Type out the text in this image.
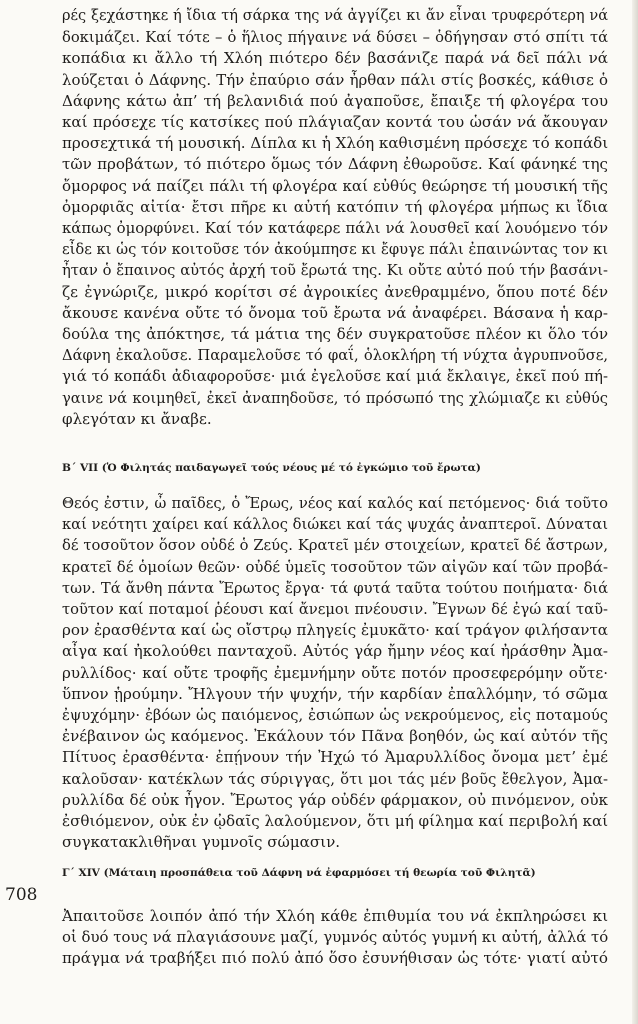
ρές ξεχάστηκε ή ἴδια τή σάρκα της νά ἀγγίζει κι ἄν εἶναι τρυφερότερη νά
δοκιμάζει. Καί τότε – ὁ ἥλιος πήγαινε νά δύσει – ὁδήγησαν στό σπίτι τά
κοπάδια κι ἄλλο τή Χλόη πιότερο δέν βασάνιζε παρά νά δεῖ πάλι νά
λούζεται ὁ Δάφνης. Τήν ἐπαύριο σάν ἦρθαν πάλι στίς βοσκές, κάθισε ὁ
Δάφνης κάτω ἀπ’ τή βελανιδιά πού ἀγαποῦσε, ἔπαιξε τή φλογέρα του
καί πρόσεχε τίς κατσίκες πού πλάγιαζαν κοντά του ὡσάν νά ἄκουγαν
προσεχτικά τή μουσική. Δίπλα κι ἡ Χλόη καθισμένη πρόσεχε τό κοπάδι
τῶν προβάτων, τό πιότερο ὅμως τόν Δάφνη ἐθωροῦσε. Καί φάνηκέ της
ὄμορφος νά παίζει πάλι τή φλογέρα καί εὐθύς θεώρησε τή μουσική τῆς
ὀμορφιᾶς αἰτία· ἔτσι πῆρε κι αὐτή κατόπιν τή φλογέρα μήπως κι ἴδια
κάπως ὀμορφύνει. Καί τόν κατάφερε πάλι νά λουσθεῖ καί λουόμενο τόν
εἶδε κι ὡς τόν κοιτοῦσε τόν ἀκούμπησε κι ἔφυγε πάλι ἐπαινώντας τον κι
ἦταν ὁ ἔπαινος αὐτός ἀρχή τοῦ ἔρωτά της. Κι οὔτε αὐτό πού τήν βασάνι-
ζε ἐγνώριζε, μικρό κορίτσι σέ ἀγροικίες ἀνεθραμμένο, ὅπου ποτέ δέν
ἄκουσε κανένα οὔτε τό ὄνομα τοῦ ἔρωτα νά ἀναφέρει. Βάσανα ἡ καρ-
δούλα της ἀπόκτησε, τά μάτια της δέν συγκρατοῦσε πλέον κι ὅλο τόν
Δάφνη ἐκαλοῦσε. Παραμελοῦσε τό φαΐ, ὁλοκλήρη τή νύχτα ἀγρυπνοῦσε,
γιά τό κοπάδι ἀδιαφοροῦσε· μιά ἐγελοῦσε καί μιά ἔκλαιγε, ἐκεῖ πού πή-
γαινε νά κοιμηθεῖ, ἐκεῖ ἀναπηδοῦσε, τό πρόσωπό της χλώμιαζε κι εὐθύς
φλεγόταν κι ἄναβε.
Β΄ VII (Ὁ Φιλητάς παιδαγωγεῖ τούς νέους μέ τό ἐγκώμιο τοῦ ἔρωτα)
Θεός ἐστιν, ὦ παῖδες, ὁ Ἔρως, νέος καί καλός καί πετόμενος· διά τοῦτο
καί νεότητι χαίρει καί κάλλος διώκει καί τάς ψυχάς ἀναπτεροῖ. Δύναται
δέ τοσοῦτον ὅσον οὐδέ ὁ Ζεύς. Κρατεῖ μέν στοιχείων, κρατεῖ δέ ἄστρων,
κρατεῖ δέ ὁμοίων θεῶν· οὐδέ ὑμεῖς τοσοῦτον τῶν αἰγῶν καί τῶν προβά-
των. Τά ἄνθη πάντα Ἔρωτος ἔργα· τά φυτά ταῦτα τούτου ποιήματα· διά
τοῦτον καί ποταμοί ῥέουσι καί ἄνεμοι πνέουσιν. Ἔγνων δέ ἐγώ καί ταῦ-
ρον ἐρασθέντα καί ὡς οἴστρῳ πληγείς ἐμυκᾶτο· καί τράγον φιλήσαντα
αἶγα καί ἠκολούθει πανταχοῦ. Αὐτός γάρ ἤμην νέος καί ἠράσθην Ἀμα-
ρυλλίδος· καί οὔτε τροφῆς ἐμεμνήμην οὔτε ποτόν προσεφερόμην οὔτε·
ὕπνον ᾑρούμην. Ἤλγουν τήν ψυχήν, τήν καρδίαν ἐπαλλόμην, τό σῶμα
ἐψυχόμην· ἐβόων ὡς παιόμενος, ἐσιώπων ὡς νεκρούμενος, εἰς ποταμούς
ἐνέβαινον ὡς καόμενος. Ἐκάλουν τόν Πᾶνα βοηθόν, ὡς καί αὐτόν τῆς
Πίτυος ἐρασθέντα· ἐπῄνουν τήν Ἠχώ τό Ἀμαρυλλίδος ὄνομα μετ’ ἐμέ
καλοῦσαν· κατέκλων τάς σύριγγας, ὅτι μοι τάς μέν βοῦς ἔθελγον, Ἀμα-
ρυλλίδα δέ οὐκ ἦγον. Ἔρωτος γάρ οὐδέν φάρμακον, οὐ πινόμενον, οὐκ
ἐσθιόμενον, οὐκ ἐν ᾠδαῖς λαλούμενον, ὅτι μή φίλημα καί περιβολή καί
συγκατακλιθῆναι γυμνοῖς σώμασιν.
Γ΄ XIV (Μάταιη προσπάθεια τοῦ Δάφνη νά ἐφαρμόσει τή θεωρία τοῦ Φιλητᾶ)
Ἀπαιτοῦσε λοιπόν ἀπό τήν Χλόη κάθε ἐπιθυμία του νά ἐκπληρώσει κι
οἱ δυό τους νά πλαγιάσουνε μαζί, γυμνός αὐτός γυμνή κι αὐτή, ἀλλά τό
πράγμα νά τραβήξει πιό πολύ ἀπό ὅσο ἐσυνήθισαν ὡς τότε· γιατί αὐτό
708
